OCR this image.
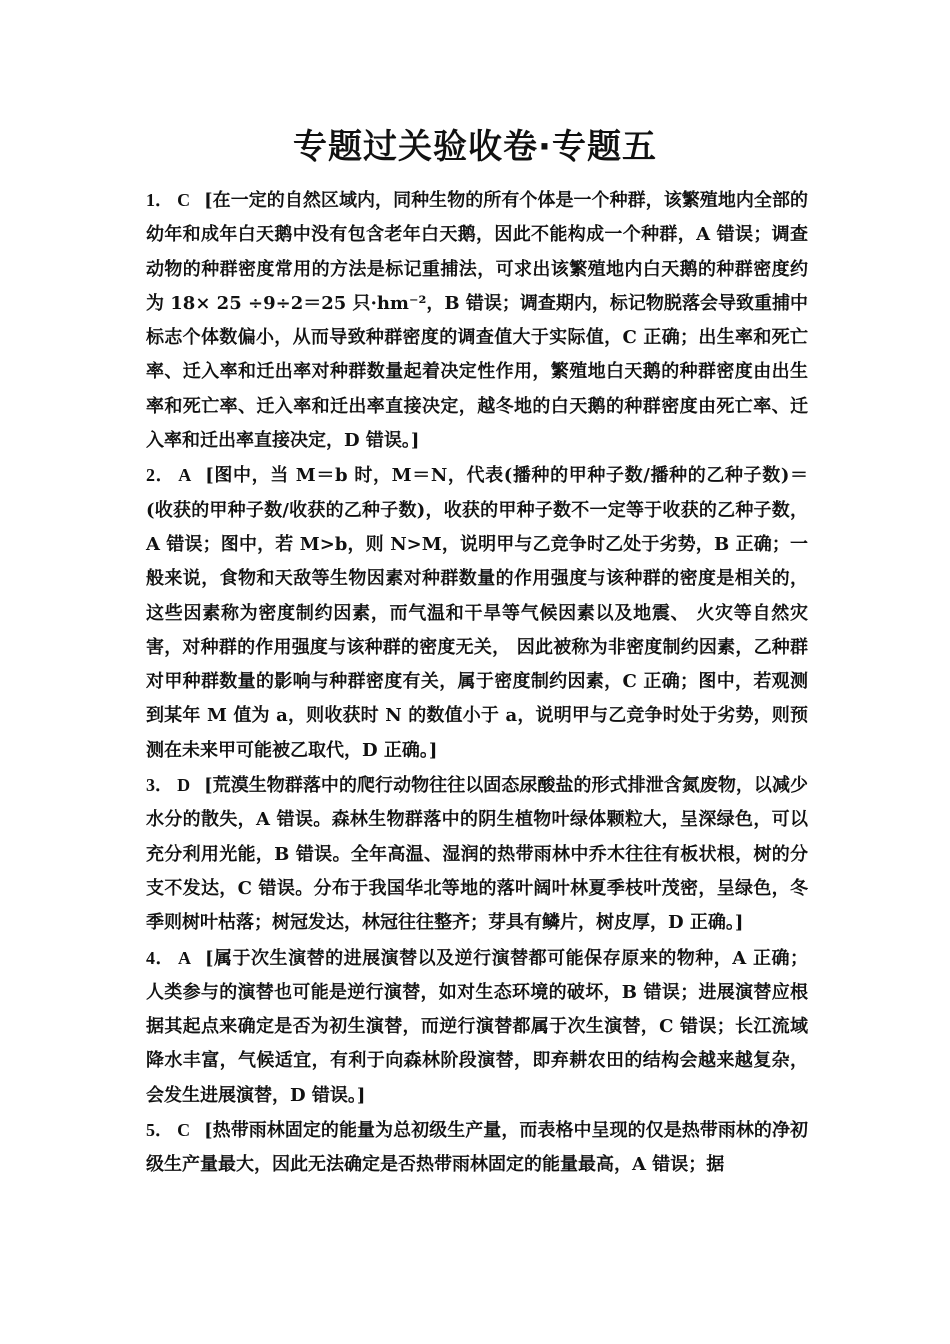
专题过关验收卷·专题五

1． C [在一定的自然区域内，同种生物的所有个体是一个种群，该繁殖地内全部的幼年和成年白天鹅中没有包含老年白天鹅，因此不能构成一个种群，A 错误；调查动物的种群密度常用的方法是标记重捕法，可求出该繁殖地内白天鹅的种群密度约为 18× 25 ÷9÷2＝25 只·hm⁻²，B 错误；调查期内，标记物脱落会导致重捕中标志个体数偏小，从而导致种群密度的调查值大于实际值，C 正确；出生率和死亡率、迁入率和迁出率对种群数量起着决定性作用，繁殖地白天鹅的种群密度由出生率和死亡率、迁入率和迁出率直接决定，越冬地的白天鹅的种群密度由死亡率、迁入率和迁出率直接决定，D 错误。]

2． A [图中，当 M＝b 时，M＝N，代表(播种的甲种子数/播种的乙种子数)＝(收获的甲种子数/收获的乙种子数)，收获的甲种子数不一定等于收获的乙种子数，A 错误；图中，若 M>b，则 N>M，说明甲与乙竞争时乙处于劣势，B 正确；一般来说，食物和天敌等生物因素对种群数量的作用强度与该种群的密度是相关的，这些因素称为密度制约因素，而气温和干旱等气候因素以及地震、 火灾等自然灾害，对种群的作用强度与该种群的密度无关， 因此被称为非密度制约因素，乙种群对甲种群数量的影响与种群密度有关，属于密度制约因素，C 正确；图中，若观测到某年 M 值为 a，则收获时 N 的数值小于 a，说明甲与乙竞争时处于劣势，则预测在未来甲可能被乙取代，D 正确。]

3． D [荒漠生物群落中的爬行动物往往以固态尿酸盐的形式排泄含氮废物，以减少水分的散失，A 错误。森林生物群落中的阴生植物叶绿体颗粒大，呈深绿色，可以充分利用光能，B 错误。全年高温、湿润的热带雨林中乔木往往有板状根，树的分支不发达，C 错误。分布于我国华北等地的落叶阔叶林夏季枝叶茂密，呈绿色，冬季则树叶枯落；树冠发达，林冠往往整齐；芽具有鳞片，树皮厚，D 正确。]

4． A [属于次生演替的进展演替以及逆行演替都可能保存原来的物种，A 正确；人类参与的演替也可能是逆行演替，如对生态环境的破坏，B 错误；进展演替应根据其起点来确定是否为初生演替，而逆行演替都属于次生演替，C 错误；长江流域降水丰富，气候适宜，有利于向森林阶段演替，即弃耕农田的结构会越来越复杂，会发生进展演替，D 错误。]

5． C [热带雨林固定的能量为总初级生产量，而表格中呈现的仅是热带雨林的净初级生产量最大，因此无法确定是否热带雨林固定的能量最高，A 错误；据
